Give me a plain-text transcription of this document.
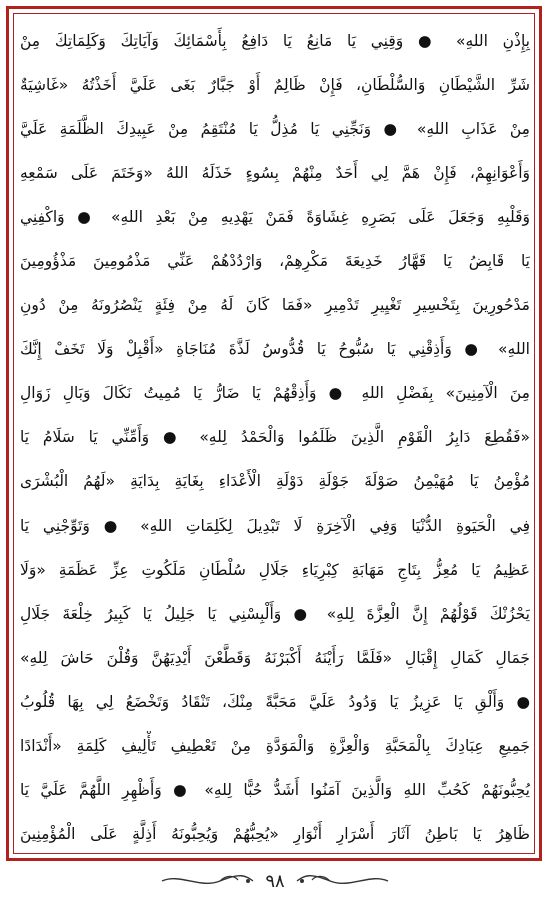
بِإِذْنِ اللهِ» ● وَقِنِي يَا مَانِعُ يَا دَافِعُ بِأَسْمَائِكَ وَآيَاتِكَ وَكَلِمَاتِكَ مِنْ
شَرِّ الشَّيْطَانِ وَالسُّلْطَانِ، فَإِنْ ظَالِمٌ أَوْ جَبَّارٌ بَغَى عَلَيَّ أَخَذْتُهُ «غَاشِيَةٌ
مِنْ عَذَابِ اللهِ» ● وَنَجِّنِي يَا مُذِلُّ يَا مُنْتَقِمُ مِنْ عَبِيدِكَ الظَّلَمَةِ عَلَيَّ
وَأَعْوَانِهِمْ، فَإِنْ هَمَّ لِي أَحَدٌ مِنْهُمْ بِسُوءٍ خَذَلَهُ اللهُ «وَخَتَمَ عَلَى سَمْعِهِ
وَقَلْبِهِ وَجَعَلَ عَلَى بَصَرِهِ غِشَاوَةً فَمَنْ يَهْدِيهِ مِنْ بَعْدِ اللهِ» ● وَاكْفِنِي
يَا قَابِضُ يَا قَهَّارُ خَدِيعَةَ مَكْرِهِمْ، وَارْدُدْهُمْ عَنِّي مَذْمُومِينَ مَذْؤُومِينَ
مَدْحُورِينَ بِتَخْسِيرِ تَغْيِيرِ تَدْمِيرِ «فَمَا كَانَ لَهُ مِنْ فِئَةٍ يَنْصُرُونَهُ مِنْ دُونِ
اللهِ» ● وَأَذِقْنِي يَا سُبُّوحُ يَا قُدُّوسُ لَذَّةَ مُنَاجَاةِ «أَقْبِلْ وَلَا تَخَفْ إِنَّكَ
مِنَ الْآمِنِينَ» بِفَضْلِ اللهِ ● وَأَذِقْهُمْ يَا ضَارُّ يَا مُمِيتُ نَكَالَ وَبَالِ زَوَالِ
«فَقُطِعَ دَابِرُ الْقَوْمِ الَّذِينَ ظَلَمُوا وَالْحَمْدُ لِلهِ» ● وَأَمِّنِّي يَا سَلَامُ يَا
مُؤْمِنُ يَا مُهَيْمِنُ صَوْلَةَ جَوْلَةِ دَوْلَةِ الْأَعْدَاءِ بِغَايَةِ بِدَايَةِ «لَهُمُ الْبُشْرَى
فِي الْحَيَوةِ الدُّنْيَا وَفِي الْآخِرَةِ لَا تَبْدِيلَ لِكَلِمَاتِ اللهِ» ● وَتَوِّجْنِي يَا
عَظِيمُ يَا مُعِزُّ بِتَاجِ مَهَابَةِ كِبْرِيَاءِ جَلَالِ سُلْطَانِ مَلَكُوتِ عِزِّ عَظَمَةِ «وَلَا
يَحْزُنْكَ قَوْلُهُمْ إِنَّ الْعِزَّةَ لِلهِ» ● وَأَلْبِسْنِي يَا جَلِيلُ يَا كَبِيرُ خِلْعَةَ جَلَالِ
جَمَالِ كَمَالِ إِقْبَالِ «فَلَمَّا رَأَيْنَهُ أَكْبَرْنَهُ وَقَطَّعْنَ أَيْدِيَهُنَّ وَقُلْنَ حَاشَ لِلهِ»
● وَأَلْقِ يَا عَزِيزُ يَا وَدُودُ عَلَيَّ مَحَبَّةً مِنْكَ، تَنْقَادُ وَتَخْضَعُ لِي بِهَا قُلُوبُ
جَمِيعِ عِبَادِكَ بِالْمَحَبَّةِ وَالْعِزَّةِ وَالْمَوَدَّةِ مِنْ تَعْطِيفِ تَأْلِيفِ كَلِمَةِ «أَنْدَادًا
يُحِبُّونَهُمْ كَحُبِّ اللهِ وَالَّذِينَ آمَنُوا أَشَدُّ حُبًّا لِلهِ» ● وَأَظْهِرِ اللَّهُمَّ عَلَيَّ يَا
ظَاهِرُ يَا بَاطِنُ آثَارَ أَسْرَارِ أَنْوَارِ «يُحِبُّهُمْ وَيُحِبُّونَهُ أَذِلَّةٍ عَلَى الْمُؤْمِنِينَ
٩٨
